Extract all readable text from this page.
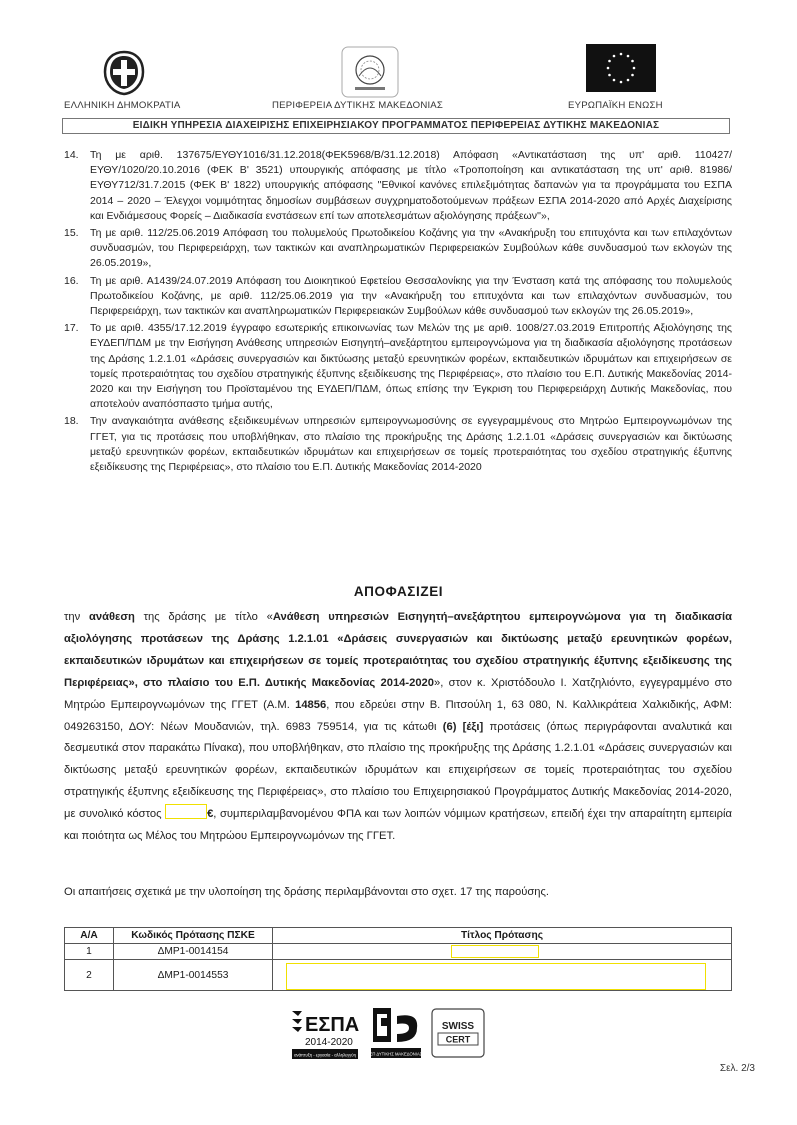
ΕΛΛΗΝΙΚΗ ΔΗΜΟΚΡΑΤΙΑ	ΠΕΡΙΦΕΡΕΙΑ ΔΥΤΙΚΗΣ ΜΑΚΕΔΟΝΙΑΣ	ΕΥΡΩΠΑΪΚΗ ΕΝΩΣΗ
ΕΙΔΙΚΗ ΥΠΗΡΕΣΙΑ ΔΙΑΧΕΙΡΙΣΗΣ ΕΠΙΧΕΙΡΗΣΙΑΚΟΥ ΠΡΟΓΡΑΜΜΑΤΟΣ ΠΕΡΙΦΕΡΕΙΑΣ ΔΥΤΙΚΗΣ ΜΑΚΕΔΟΝΙΑΣ
14. Τη με αριθ. 137675/ΕΥΘΥ1016/31.12.2018(ΦΕΚ5968/Β/31.12.2018) Απόφαση «Αντικατάσταση της υπ' αριθ. 110427/ΕΥΘΥ/1020/20.10.2016 (ΦΕΚ Β' 3521) υπουργικής απόφασης με τίτλο «Τροποποίηση και αντικατάσταση της υπ' αριθ. 81986/ΕΥΘΥ712/31.7.2015 (ΦΕΚ Β' 1822) υπουργικής απόφασης ''Εθνικοί κανόνες επιλεξιμότητας δαπανών για τα προγράμματα του ΕΣΠΑ 2014 – 2020 – Έλεγχοι νομιμότητας δημοσίων συμβάσεων συγχρηματοδοτούμενων πράξεων ΕΣΠΑ 2014-2020 από Αρχές Διαχείρισης και Ενδιάμεσους Φορείς – Διαδικασία ενστάσεων επί των αποτελεσμάτων αξιολόγησης πράξεων''»,
15. Τη με αριθ. 112/25.06.2019 Απόφαση του πολυμελούς Πρωτοδικείου Κοζάνης για την «Ανακήρυξη του επιτυχόντα και των επιλαχόντων συνδυασμών, του Περιφερειάρχη, των τακτικών και αναπληρωματικών Περιφερειακών Συμβούλων κάθε συνδυασμού των εκλογών της 26.05.2019»,
16. Τη με αριθ. Α1439/24.07.2019 Απόφαση του Διοικητικού Εφετείου Θεσσαλονίκης για την Ένσταση κατά της απόφασης του πολυμελούς Πρωτοδικείου Κοζάνης, με αριθ. 112/25.06.2019 για την «Ανακήρυξη του επιτυχόντα και των επιλαχόντων συνδυασμών, του Περιφερειάρχη, των τακτικών και αναπληρωματικών Περιφερειακών Συμβούλων κάθε συνδυασμού των εκλογών της 26.05.2019»,
17. Το με αριθ. 4355/17.12.2019 έγγραφο εσωτερικής επικοινωνίας των Μελών της με αριθ. 1008/27.03.2019 Επιτροπής Αξιολόγησης της ΕΥΔΕΠ/ΠΔΜ με την Εισήγηση Ανάθεσης υπηρεσιών Εισηγητή–ανεξάρτητου εμπειρογνώμονα για τη διαδικασία αξιολόγησης προτάσεων της Δράσης 1.2.1.01 «Δράσεις συνεργασιών και δικτύωσης μεταξύ ερευνητικών φορέων, εκπαιδευτικών ιδρυμάτων και επιχειρήσεων σε τομείς προτεραιότητας του σχεδίου στρατηγικής έξυπνης εξειδίκευσης της Περιφέρειας», στο πλαίσιο του Ε.Π. Δυτικής Μακεδονίας 2014-2020 και την Εισήγηση του Προϊσταμένου της ΕΥΔΕΠ/ΠΔΜ, όπως επίσης την Έγκριση του Περιφερειάρχη Δυτικής Μακεδονίας, που αποτελούν αναπόσπαστο τμήμα αυτής,
18. Την αναγκαιότητα ανάθεσης εξειδικευμένων υπηρεσιών εμπειρογνωμοσύνης σε εγγεγραμμένους στο Μητρώο Εμπειρογνωμόνων της ΓΓΕΤ, για τις προτάσεις που υποβλήθηκαν, στο πλαίσιο της προκήρυξης της Δράσης 1.2.1.01 «Δράσεις συνεργασιών και δικτύωσης μεταξύ ερευνητικών φορέων, εκπαιδευτικών ιδρυμάτων και επιχειρήσεων σε τομείς προτεραιότητας του σχεδίου στρατηγικής έξυπνης εξειδίκευσης της Περιφέρειας», στο πλαίσιο του Ε.Π. Δυτικής Μακεδονίας 2014-2020
ΑΠΟΦΑΣΙΖΕΙ
την ανάθεση της δράσης με τίτλο «Ανάθεση υπηρεσιών Εισηγητή–ανεξάρτητου εμπειρογνώμονα για τη διαδικασία αξιολόγησης προτάσεων της Δράσης 1.2.1.01 «Δράσεις συνεργασιών και δικτύωσης μεταξύ ερευνητικών φορέων, εκπαιδευτικών ιδρυμάτων και επιχειρήσεων σε τομείς προτεραιότητας του σχεδίου στρατηγικής έξυπνης εξειδίκευσης της Περιφέρειας», στο πλαίσιο του Ε.Π. Δυτικής Μακεδονίας 2014-2020», στον κ. Χριστόδουλο Ι. Χατζηλιόντο, εγγεγραμμένο στο Μητρώο Εμπειρογνωμόνων της ΓΓΕΤ (Α.Μ. 14856, που εδρεύει στην Β. Πιτσούλη 1, 63 080, Ν. Καλλικράτεια Χαλκιδικής, ΑΦΜ: 049263150, ΔΟΥ: Νέων Μουδανιών, τηλ. 6983 759514, για τις κάτωθι (6) [έξι] προτάσεις (όπως περιγράφονται αναλυτικά και δεσμευτικά στον παρακάτω Πίνακα), που υποβλήθηκαν, στο πλαίσιο της προκήρυξης της Δράσης 1.2.1.01 «Δράσεις συνεργασιών και δικτύωσης μεταξύ ερευνητικών φορέων, εκπαιδευτικών ιδρυμάτων και επιχειρήσεων σε τομείς προτεραιότητας του σχεδίου στρατηγικής έξυπνης εξειδίκευσης της Περιφέρειας», στο πλαίσιο του Επιχειρησιακού Προγράμματος Δυτικής Μακεδονίας 2014-2020, με συνολικό κόστος	€, συμπεριλαμβανομένου ΦΠΑ και των λοιπών νόμιμων κρατήσεων, επειδή έχει την απαραίτητη εμπειρία και ποιότητα ως Μέλος του Μητρώου Εμπειρογνωμόνων της ΓΓΕΤ.
Οι απαιτήσεις σχετικά με την υλοποίηση της δράσης περιλαμβάνονται στο σχετ. 17 της παρούσης.
Α/Α	Κωδικός Πρότασης ΠΣΚΕ	Τίτλος Πρότασης
1	ΔΜΡ1-0014154	
2	ΔΜΡ1-0014553	
ΕΣΠΑ
2014-2020
ανάπτυξη - εργασία - αλληλεγγύη	ΕΠ ΔΥΤΙΚΗΣ ΜΑΚΕΔΟΝΙΑΣ
SWISS
CERT
Σελ. 2/3
